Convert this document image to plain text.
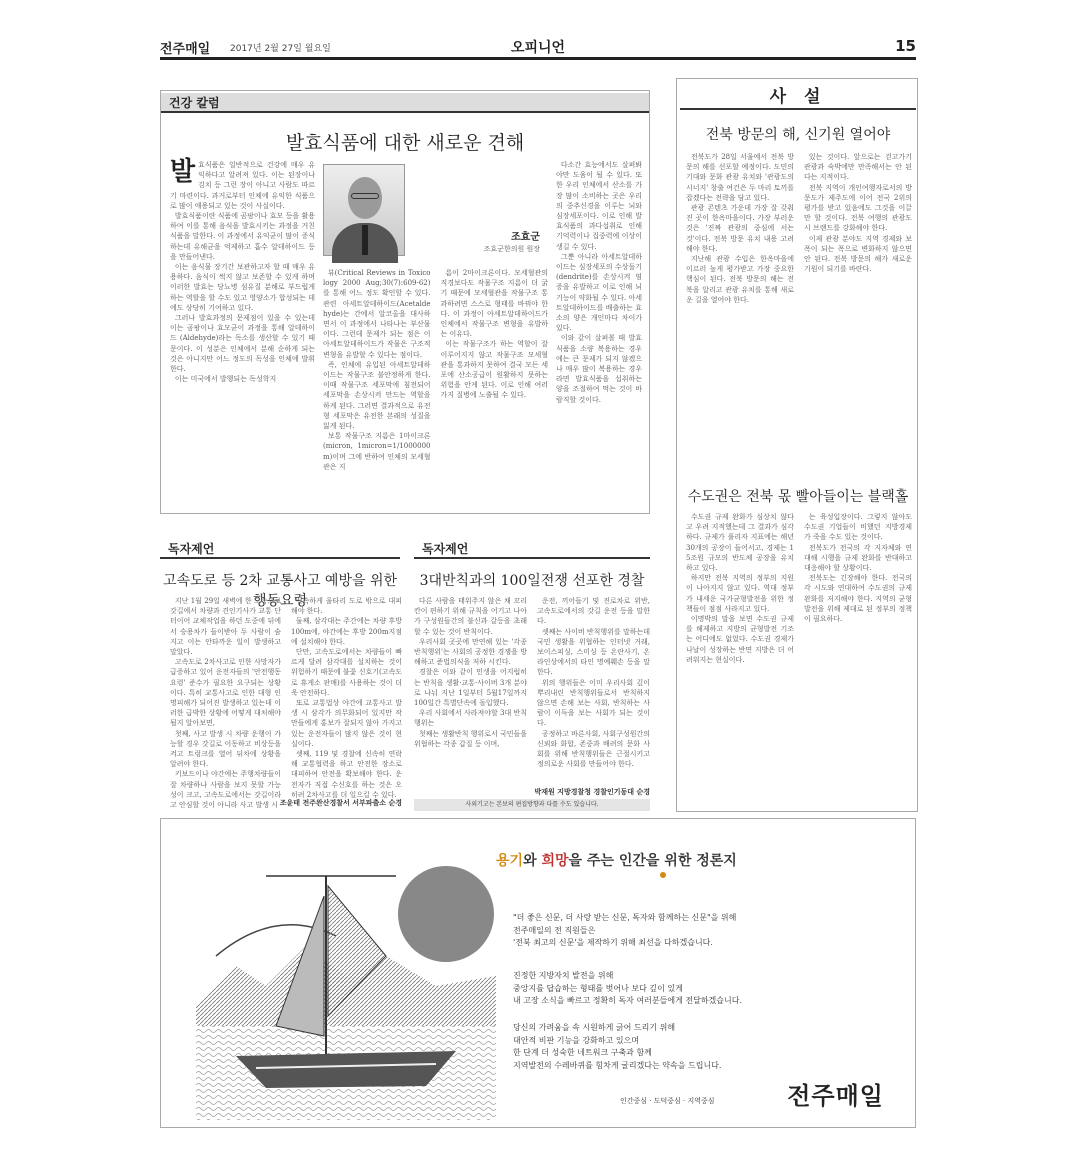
전주매일 2017년 2월 27일 월요일	오피니언	15
건강 칼럼
발효식품에 대한 새로운 견해
조효군
조효군한의원 원장
발 효식품은 일반적으로 건강에 매우 유익하다고 알려져 있다. 이는 된장이나 김치 등 그런 장이 아니고 사람도 따르기 마련이다. 과거로부터 인체에 유익한 식품으로 많이 애용되고 있는 것이 사실이다.

발효식품이란 식품에 곰팡이나 효모 등을 활용하여 이를 통해 음식을 발효시키는 과정을 거친 식품을 말한다. 이 과정에서 유익균이 많이 증식하는데 유해균을 억제하고 흡수 알데하이드 등을 만들어낸다.

이는 음식물 장기간 보관하고자 할 때 매우 유용하다. 음식이 썩지 않고 보존할 수 있게 하며 이러한 발효는 당뇨병 섬유질 분해로 부드럽게 하는 역할을 할 수도 있고 영양소가 합성되는 데에도 상당히 기여하고 있다.

그러나 발효과정의 문제점이 있을 수 있는데 이는 곰팡이나 효모균이 과정을 통해 알데하이드 (Aldehyde)라는 독소를 생산할 수 있기 때문이다. 이 성분은 인체에서 분해 순하게 되는 것은 아니지만 어느 정도의 독성을 인체에 발휘한다.

이는 미국에서 발행되는 독성학지

뷰(Critical Reviews in Toxicology 2000 Aug;30(7):609-62)를 통해 어느 정도 확인할 수 있다. 관련 아세트알데하이드(Acetaldehyde)는 간에서 알코올을 대사하면서 이 과정에서 나타나는 부산물이다. 그런데 문제가 되는 점은 이 아세트알데하이드가 작물은 구조적 변형을 유발할 수 있다는 점이다.

즉, 인체에 유입된 아세트알데하이드는 작물구조 불안정하게 한다. 이때 작물구조 세포막에 침전되어 세포막을 손상시켜 만드는 역할을 하게 된다. 그러면 결과적으로 유전형 세포막은 유전한 본래의 성질을 잃게 된다.

보통 작물구조 지름은 1마이크론 (micron, 1micron=1/1000000m)이며 그에 반하여 인체의 모세혈관은 지

름이 2마이크론이다. 모세혈관의 직경보다도 작물구조 지름이 더 굵기 때문에 모세혈관을 작물구조 통과하려면 스스로 형태를 바꿔야 한다. 이 과정이 아세트알데하이드가 인체에서 작물구조 변형을 유발하는 이유다.

이는 작물구조가 하는 역할이 잘 이루어지지 않고 작물구조 모세혈관을 통과하지 못하여 결국 모든 세포에 산소공급이 원활하지 못하는 위험을 안게 된다. 이로 인해 여러 가지 질병에 노출될 수 있다.

다소간 효능에서도 살펴봐야만 도움이 될 수 있다. 또한 우리 인체에서 산소를 가장 많이 소비하는 곳은 우리의 중추신경을 이루는 뇌와 심장세포이다. 이로 인해 발효식품의 과다섭취로 인해 기억력이나 집중력에 이상이 생길 수 있다.

그뿐 아니라 아세트알데하이드는 심장세포의 수상돌기(dendrite)를 손상시켜 염증을 유발하고 이로 인해 뇌 기능이 약화될 수 있다. 아세트알데하이드를 배출하는 효소의 양은 개인마다 차이가 있다.

이와 같이 살펴볼 때 발효식품을 소량 복용하는 경우에는 큰 문제가 되지 않겠으나 매우 많이 복용하는 경우라면 발효식품을 섭취하는 양을 조절하여 먹는 것이 바람직할 것이다.

독자제언
고속도로 등 2차 교통사고 예방을 위한 행동요령

지난 1월 29일 새벽에 한 고속도로 갓길에서 차량과 견인기사가 교통 단터이어 교체작업을 하던 도중에 뒤에서 승용차가 들이받아 두 사람이 숨지고 이는 안타까운 일이 발생하고 말았다.

고속도로 2차사고로 인한 사망자가 급증하고 있어 운전자들의 '안전행동요령' 준수가 필요한 요구되는 상황이다. 특히 교통사고로 인한 대형 인명피해가 되어진 발생하고 있는데 이러한 급박한 상황에 어떻게 대처해야 될지 알아보면,

첫째, 사고 발생 시 차량 운행이 가능할 경우 갓길로 이동하고 비상등을 켜고 트렁크를 열어 뒤차에 상황을 알려야 한다.

키보드이나 야간에는 주행차량들이 잘 차량하나 사람을 보지 못할 가능성이 크고, 고속도로에서는 갓길이라고 안심할 것이 아니라 사고 발생 시

신속하게 울타리 도로 밖으로 대피해야 한다.

둘째, 삼각대는 주간에는 차량 후방 100m에, 야간에는 후방 200m지점에 설치해야 한다.

단만, 고속도로에서는 차량들이 빠르게 달려 삼각대를 설치하는 것이 위험하기 때문에 불꽃 신호기(고속도로 휴게소 판매)를 사용하는 것이 더욱 안전하다.

또로 교통법상 야간에 교통사고 발생 시 삼각가 의무화되어 있지만 작만들에게 홍보가 잘되지 않아 가지고 있는 운전자들이 많지 않은 것이 현실이다.

셋째, 119 및 경찰에 신속히 연락해 교통협력을 하고 안전한 장소로 대피하여 안전을 확보해야 한다. 운전자가 직접 수신호를 하는 것은 오히려 2차사고를 더 일으킬 수 있다.

조윤태 전주완산경찰서 서부파출소 순경
독자제언
3대반칙과의 100일전쟁 선포한 경찰

다른 사람을 태워주지 않은 채 꼬리 칸이 편하기 위해 규칙을 어기고 나아가 구성원들간의 불신과 갈등을 초래할 수 있는 것이 반칙이다.

우리사회 곳곳에 만연해 있는 '각종 반칙행위'는 사회의 공정한 경쟁을 방해하고 준법의식을 저하 시킨다.

경찰은 이와 같이 민생을 어지럽히는 반칙을 생활·교통·사이버 3개 분야로 나눠 지난 1일부터 5월17일까지 100일간 특별단속에 돌입했다.

우리 사회에서 사라져야할 3대 반칙행위는

첫째는 생활반칙 행위로서 국민들을 위협하는 각종 갑질 등 이며,

운전, 끼어들기 및 진로차로 위반, 고속도로에서의 갓길 운전 등을 말한다.

셋째는 사이버 반칙행위를 말하는데 국민 생활을 위협하는 인터넷 거래, 보이스피싱, 스미싱 등 온란사기, 온라인상에서의 타인 명예훼손 등을 말한다.

위의 행위들은 이미 우리사회 깊이 뿌리내린 반칙행위들로서 반칙하지 않으면 손해 보는 사회, 반칙하는 사람이 이득을 보는 사회가 되는 것이다.

공정하고 바른사회, 사회구성원간의 신뢰와 화합, 존중과 배려의 문화 사회를 위해 반칙행위들은 근절시키고 정의로운 사회를 만들어야 한다.

박재원 지방경찰청 경찰인기동대 순경
사외기고는 본보의 편집방향과 다를 수도 있습니다.
사 설
전북 방문의 해, 신기원 열어야

전북도가 28일 서울에서 전북 방문의 해를 선포할 예정이다. 도민의 기대와 문화 관광 유치와 '관광도의 시너지' 창출 여건은 두 마리 토끼를 잡겠다는 전략을 담고 있다.

관광 콘텐츠 가운데 가장 잘 갖춰진 곳이 한옥마을이다. 가장 부러운 것은 '진짜 관광의 중심에 서는 것'이다. 전북 방문 유치 내용 고려해야 한다.

지난해 관광 수입은 한옥마을에 이르러 높게 평가받고 가장 중요한 핵심이 된다. 전북 방문의 해는 전북을 알리고 관광 유치를 통해 새로운 길을 열어야 한다.

있는 것이다. 앞으로는 걷고가기 관광과 숙박에만 만족해서는 안 된다는 지적이다.

전북 지역이 개인여행자로서의 방문도가 제주도에 이어 전국 2위의 평가를 받고 있음에도 그것을 이끌만 할 것이다. 전북 여행의 관광도시 브랜드를 강화해야 한다.

이제 관광 분야도 지역 경제와 보폭이 되는 폭으로 변화하지 않으면 안 된다. 전북 방문의 해가 새로운 기원이 되기를 바란다.

수도권은 전북 몫 빨아들이는 블랙홀

수도권 규제 완화가 심상치 않다고 우려 지적했는데 그 결과가 심각하다. 규제가 풀리자 지표에는 해년 30개의 공장이 들어서고, 경제는 15조원 규모의 반도체 공장을 유치하고 있다.

하지만 전북 지역의 정부의 지원이 나아지지 않고 있다. 역대 정부가 내세운 국가균형발전을 위한 정책들이 점점 사라지고 있다.

이명박의 말을 보면 수도권 규제를 해제하고 지방의 균형발전 기조는 어디에도 없었다. 수도권 경제가 나날이 성장하는 반면 지방은 더 어려워지는 현실이다.

는 육성입장이다. 그렇지 않아도 수도권 기업들이 비했던 지방경제가 죽을 수도 있는 것이다.

전북도가 전국의 각 지자체와 연대해 시행을 규제 완화를 반대하고 대응해야 할 상황이다.

전북도는 긴장해야 한다. 전국의 각 시도와 연대하여 수도권의 규제 완화를 저지해야 한다. 지역의 균형 발전을 위해 제대로 된 정부의 정책이 필요하다.

용기와 희망을 주는 인간을 위한 정론지
"더 좋은 신문, 더 사랑 받는 신문, 독자와 함께하는 신문"을 위해
전주매일의 전 직원들은
'전북 최고의 신문'을 제작하기 위해 최선을 다하겠습니다.
진정한 지방자치 발전을 위해
중앙지를 답습하는 형태를 벗어나 보다 깊이 있게
내 고장 소식을 빠르고 정확히 독자 여러분들에게 전달하겠습니다.
당신의 가려움을 속 시원하게 긁어 드리기 위해
대안적 비판 기능을 강화하고 있으며
한 단계 더 성숙한 네트워크 구축과 함께
지역발전의 수레바퀴를 힘차게 굴리겠다는 약속을 드립니다.
인간중심 · 도덕중심 · 지역중심	전주매일
